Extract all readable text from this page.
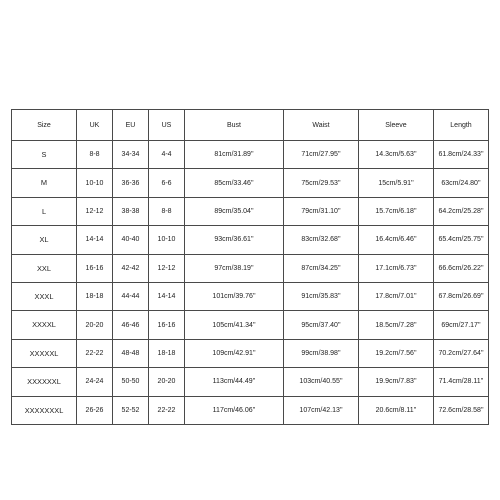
Size	UK	EU	US	Bust	Waist	Sleeve	Length
S	8-8	34-34	4-4	81cm/31.89''	71cm/27.95''	14.3cm/5.63''	61.8cm/24.33''
M	10-10	36-36	6-6	85cm/33.46''	75cm/29.53''	15cm/5.91''	63cm/24.80''
L	12-12	38-38	8-8	89cm/35.04''	79cm/31.10''	15.7cm/6.18''	64.2cm/25.28''
XL	14-14	40-40	10-10	93cm/36.61''	83cm/32.68''	16.4cm/6.46''	65.4cm/25.75''
XXL	16-16	42-42	12-12	97cm/38.19''	87cm/34.25''	17.1cm/6.73''	66.6cm/26.22''
XXXL	18-18	44-44	14-14	101cm/39.76''	91cm/35.83''	17.8cm/7.01''	67.8cm/26.69''
XXXXL	20-20	46-46	16-16	105cm/41.34''	95cm/37.40''	18.5cm/7.28''	69cm/27.17''
XXXXXL	22-22	48-48	18-18	109cm/42.91''	99cm/38.98''	19.2cm/7.56''	70.2cm/27.64''
XXXXXXL	24-24	50-50	20-20	113cm/44.49''	103cm/40.55''	19.9cm/7.83''	71.4cm/28.11''
XXXXXXXL	26-26	52-52	22-22	117cm/46.06''	107cm/42.13''	20.6cm/8.11''	72.6cm/28.58''
